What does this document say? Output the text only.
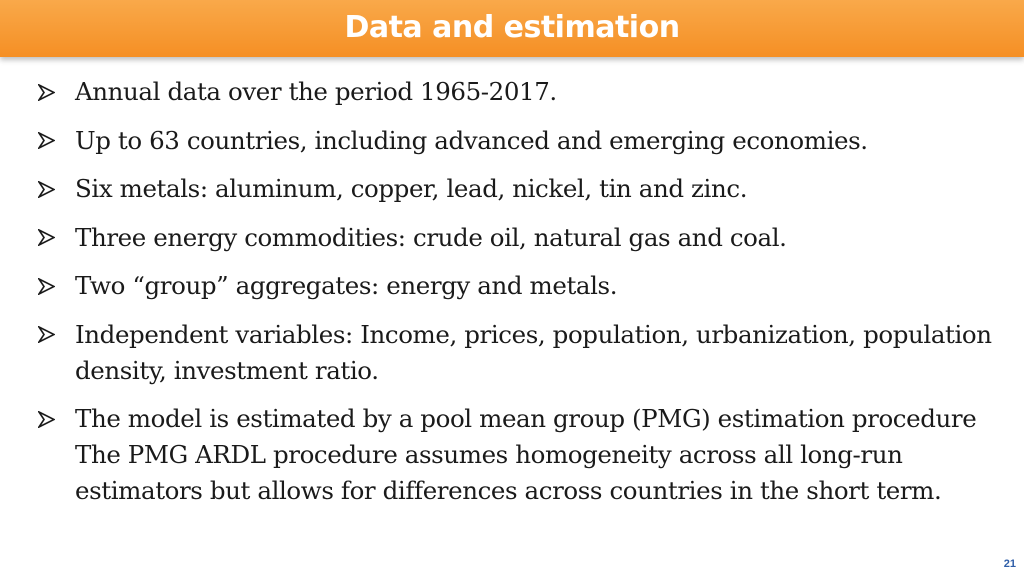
Data and estimation
Annual data over the period 1965-2017.
Up to 63 countries, including advanced and emerging economies.
Six metals: aluminum, copper, lead, nickel, tin and zinc.
Three energy commodities: crude oil, natural gas and coal.
Two “group” aggregates: energy and metals.
Independent variables: Income, prices, population, urbanization, population density, investment ratio.
The model is estimated by a pool mean group (PMG) estimation procedure The PMG ARDL procedure assumes homogeneity across all long-run estimators but allows for differences across countries in the short term.
21
